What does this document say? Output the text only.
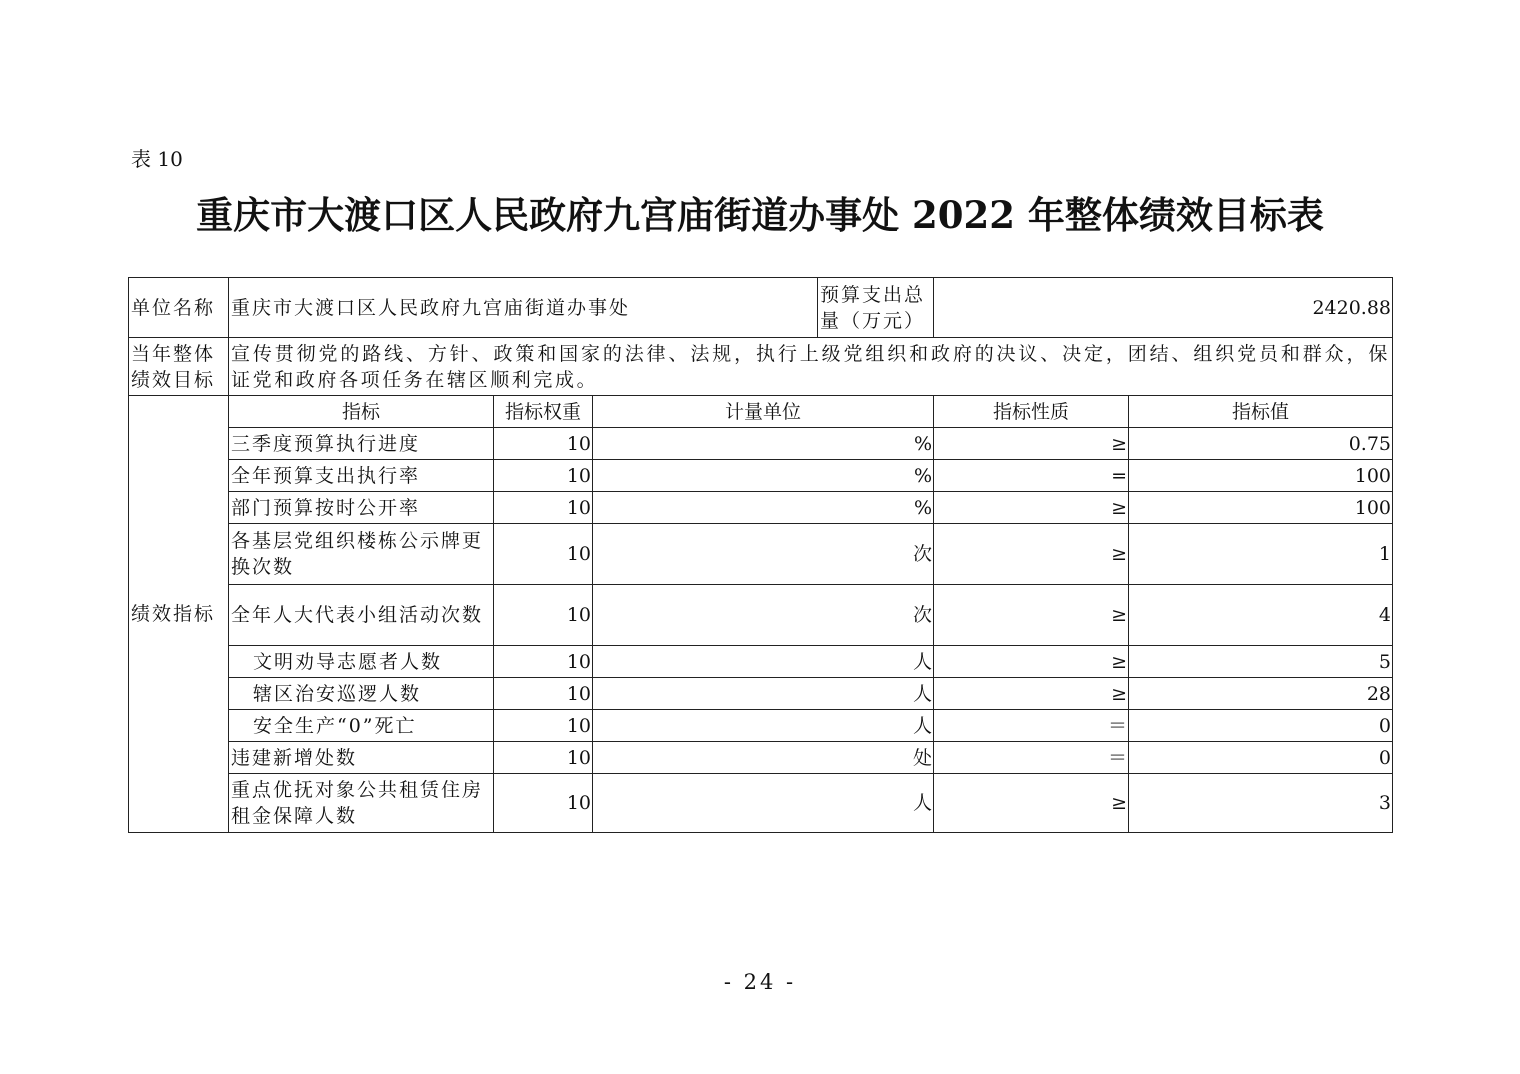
表 10
重庆市大渡口区人民政府九宫庙街道办事处 2022 年整体绩效目标表
单位名称	重庆市大渡口区人民政府九宫庙街道办事处			预算支出总量（万元）	2420.88	
当年整体绩效目标	宣传贯彻党的路线、方针、政策和国家的法律、法规，执行上级党组织和政府的决议、决定，团结、组织党员和群众，保证党和政府各项任务在辖区顺利完成。					
绩效指标	指标	指标权重	计量单位		指标性质	指标值
	三季度预算执行进度	10	%		≥	0.75
	全年预算支出执行率	10	%		=	100
	部门预算按时公开率	10	%		≥	100
	各基层党组织楼栋公示牌更换次数	10	次		≥	1
	全年人大代表小组活动次数	10	次		≥	4
	文明劝导志愿者人数	10	人		≥	5
	辖区治安巡逻人数	10	人		≥	28
	安全生产“0”死亡	10	人		＝	0
	违建新增处数	10	处		＝	0
	重点优抚对象公共租赁住房租金保障人数	10	人		≥	3
- 24 -
